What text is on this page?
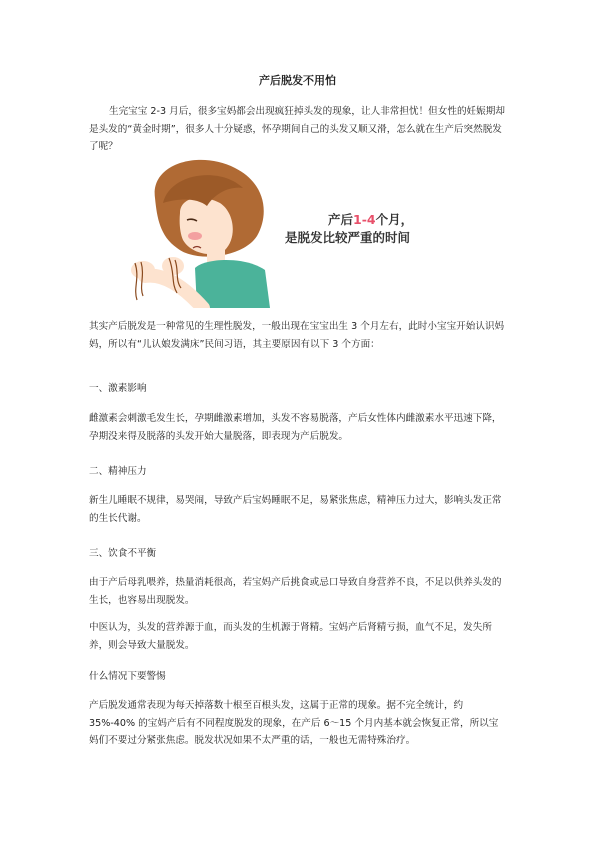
产后脱发不用怕

生完宝宝 2-3 月后，很多宝妈都会出现疯狂掉头发的现象，让人非常担忧！但女性的妊娠期却是头发的“黄金时期”，很多人十分疑惑，怀孕期间自己的头发又顺又滑，怎么就在生产后突然脱发了呢？

产后1-4个月，
是脱发比较严重的时间

其实产后脱发是一种常见的生理性脱发，一般出现在宝宝出生 3 个月左右，此时小宝宝开始认识妈妈，所以有“儿认娘发满床”民间习语，其主要原因有以下 3 个方面：

一、激素影响

雌激素会刺激毛发生长，孕期雌激素增加，头发不容易脱落，产后女性体内雌激素水平迅速下降，孕期没来得及脱落的头发开始大量脱落，即表现为产后脱发。

二、精神压力

新生儿睡眠不规律，易哭闹，导致产后宝妈睡眠不足，易紧张焦虑，精神压力过大，影响头发正常的生长代谢。

三、饮食不平衡

由于产后母乳喂养，热量消耗很高，若宝妈产后挑食或忌口导致自身营养不良，不足以供养头发的生长，也容易出现脱发。

中医认为，头发的营养源于血，而头发的生机源于肾精。宝妈产后肾精亏损，血气不足，发失所养，则会导致大量脱发。

什么情况下要警惕

产后脱发通常表现为每天掉落数十根至百根头发，这属于正常的现象。据不完全统计，约 35%-40% 的宝妈产后有不同程度脱发的现象，在产后 6～15 个月内基本就会恢复正常，所以宝妈们不要过分紧张焦虑。脱发状况如果不太严重的话，一般也无需特殊治疗。
